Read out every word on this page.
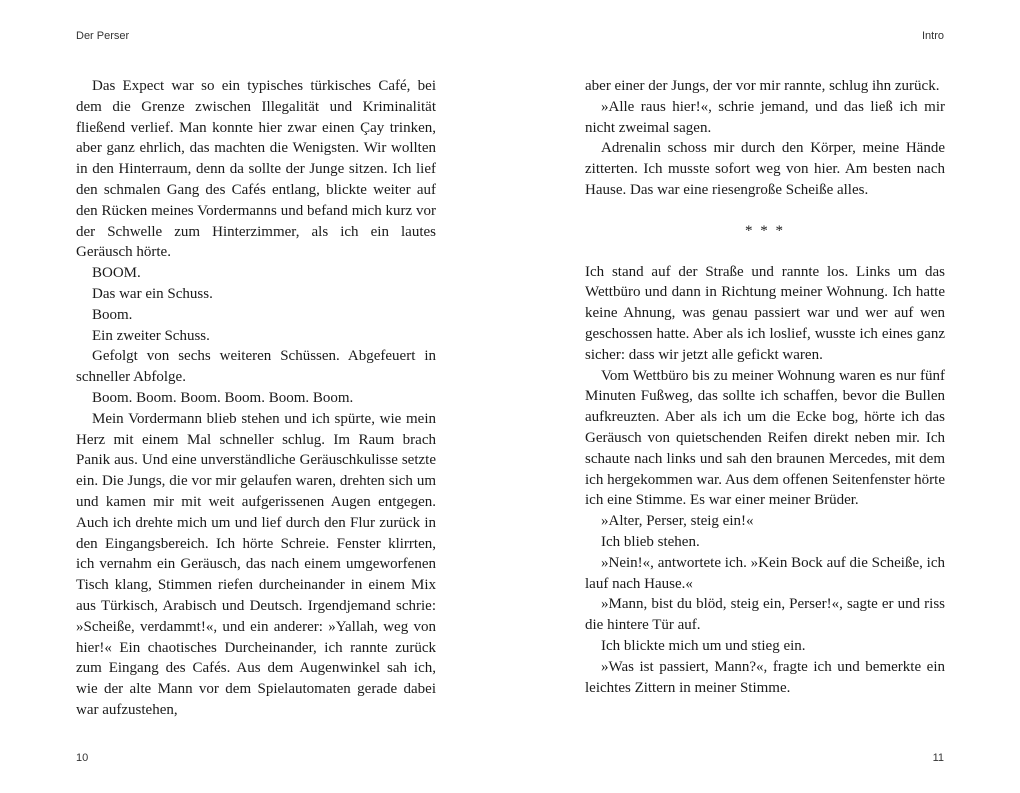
Der Perser	Intro

Das Expect war so ein typisches türkisches Café, bei dem die Grenze zwischen Illegalität und Kriminalität fließend verlief. Man konnte hier zwar einen Çay trinken, aber ganz ehrlich, das machten die Wenigsten. Wir wollten in den Hinterraum, denn da sollte der Junge sitzen. Ich lief den schmalen Gang des Cafés entlang, blickte weiter auf den Rücken meines Vordermanns und befand mich kurz vor der Schwelle zum Hinterzimmer, als ich ein lautes Geräusch hörte.

BOOM.

Das war ein Schuss.

Boom.

Ein zweiter Schuss.

Gefolgt von sechs weiteren Schüssen. Abgefeuert in schneller Abfolge.

Boom. Boom. Boom. Boom. Boom. Boom.

Mein Vordermann blieb stehen und ich spürte, wie mein Herz mit einem Mal schneller schlug. Im Raum brach Panik aus. Und eine unverständliche Geräuschkulisse setzte ein. Die Jungs, die vor mir gelaufen waren, drehten sich um und kamen mir mit weit aufgerissenen Augen entgegen. Auch ich drehte mich um und lief durch den Flur zurück in den Eingangsbereich. Ich hörte Schreie. Fenster klirrten, ich vernahm ein Geräusch, das nach einem umgeworfenen Tisch klang, Stimmen riefen durcheinander in einem Mix aus Türkisch, Arabisch und Deutsch. Irgendjemand schrie: »Scheiße, verdammt!«, und ein anderer: »Yallah, weg von hier!« Ein chaotisches Durcheinander, ich rannte zurück zum Eingang des Cafés. Aus dem Augenwinkel sah ich, wie der alte Mann vor dem Spielautomaten gerade dabei war aufzustehen,

aber einer der Jungs, der vor mir rannte, schlug ihn zurück.

»Alle raus hier!«, schrie jemand, und das ließ ich mir nicht zweimal sagen.

Adrenalin schoss mir durch den Körper, meine Hände zitterten. Ich musste sofort weg von hier. Am besten nach Hause. Das war eine riesengroße Scheiße alles.

* * *

Ich stand auf der Straße und rannte los. Links um das Wettbüro und dann in Richtung meiner Wohnung. Ich hatte keine Ahnung, was genau passiert war und wer auf wen geschossen hatte. Aber als ich loslief, wusste ich eines ganz sicher: dass wir jetzt alle gefickt waren.

Vom Wettbüro bis zu meiner Wohnung waren es nur fünf Minuten Fußweg, das sollte ich schaffen, bevor die Bullen aufkreuzten. Aber als ich um die Ecke bog, hörte ich das Geräusch von quietschenden Reifen direkt neben mir. Ich schaute nach links und sah den braunen Mercedes, mit dem ich hergekommen war. Aus dem offenen Seitenfenster hörte ich eine Stimme. Es war einer meiner Brüder.

»Alter, Perser, steig ein!«

Ich blieb stehen.

»Nein!«, antwortete ich. »Kein Bock auf die Scheiße, ich lauf nach Hause.«

»Mann, bist du blöd, steig ein, Perser!«, sagte er und riss die hintere Tür auf.

Ich blickte mich um und stieg ein.

»Was ist passiert, Mann?«, fragte ich und bemerkte ein leichtes Zittern in meiner Stimme.

10	11
